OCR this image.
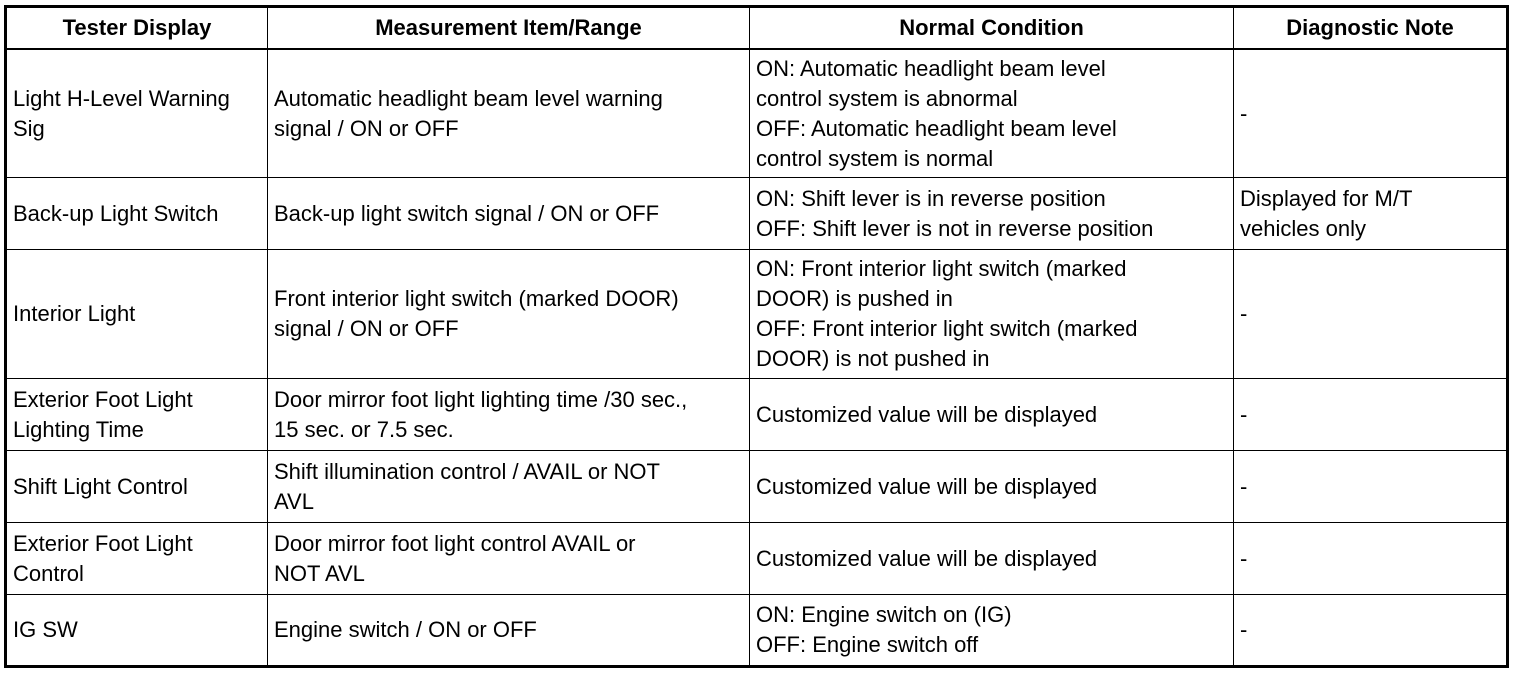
Tester Display	Measurement Item/Range	Normal Condition	Diagnostic Note

Light H-Level Warning
Sig	Automatic headlight beam level warning
signal / ON or OFF	ON: Automatic headlight beam level
control system is abnormal
OFF: Automatic headlight beam level
control system is normal	-

Back-up Light Switch	Back-up light switch signal / ON or OFF	ON: Shift lever is in reverse position
OFF: Shift lever is not in reverse position	Displayed for M/T
vehicles only

Interior Light	Front interior light switch (marked DOOR)
signal / ON or OFF	ON: Front interior light switch (marked
DOOR) is pushed in
OFF: Front interior light switch (marked
DOOR) is not pushed in	-

Exterior Foot Light
Lighting Time	Door mirror foot light lighting time /30 sec.,
15 sec. or 7.5 sec.	Customized value will be displayed	-

Shift Light Control	Shift illumination control / AVAIL or NOT
AVL	Customized value will be displayed	-

Exterior Foot Light
Control	Door mirror foot light control AVAIL or
NOT AVL	Customized value will be displayed	-

IG SW	Engine switch / ON or OFF	ON: Engine switch on (IG)
OFF: Engine switch off	-
